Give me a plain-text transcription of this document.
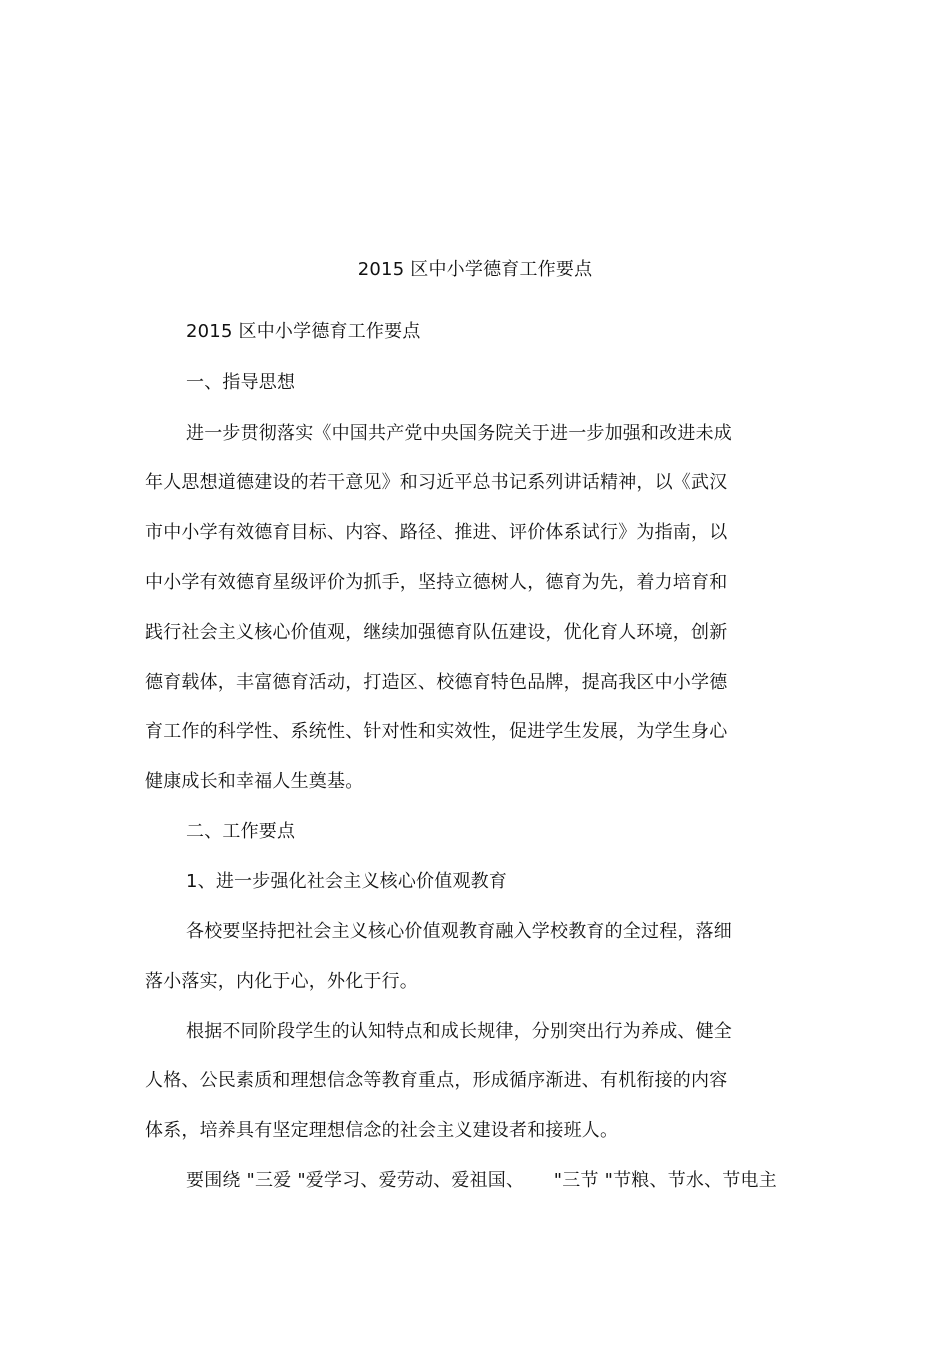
2015 区中小学德育工作要点
2015 区中小学德育工作要点
一、指导思想
进一步贯彻落实《中国共产党中央国务院关于进一步加强和改进未成
年人思想道德建设的若干意见》和习近平总书记系列讲话精神，以《武汉
市中小学有效德育目标、内容、路径、推进、评价体系试行》为指南，以
中小学有效德育星级评价为抓手，坚持立德树人，德育为先，着力培育和
践行社会主义核心价值观，继续加强德育队伍建设，优化育人环境，创新
德育载体，丰富德育活动，打造区、校德育特色品牌，提高我区中小学德
育工作的科学性、系统性、针对性和实效性，促进学生发展，为学生身心
健康成长和幸福人生奠基。
二、工作要点
1、进一步强化社会主义核心价值观教育
各校要坚持把社会主义核心价值观教育融入学校教育的全过程，落细
落小落实，内化于心，外化于行。
根据不同阶段学生的认知特点和成长规律，分别突出行为养成、健全
人格、公民素质和理想信念等教育重点，形成循序渐进、有机衔接的内容
体系，培养具有坚定理想信念的社会主义建设者和接班人。
要围绕 "三爱 "爱学习、爱劳动、爱祖国、     "三节 "节粮、节水、节电主
